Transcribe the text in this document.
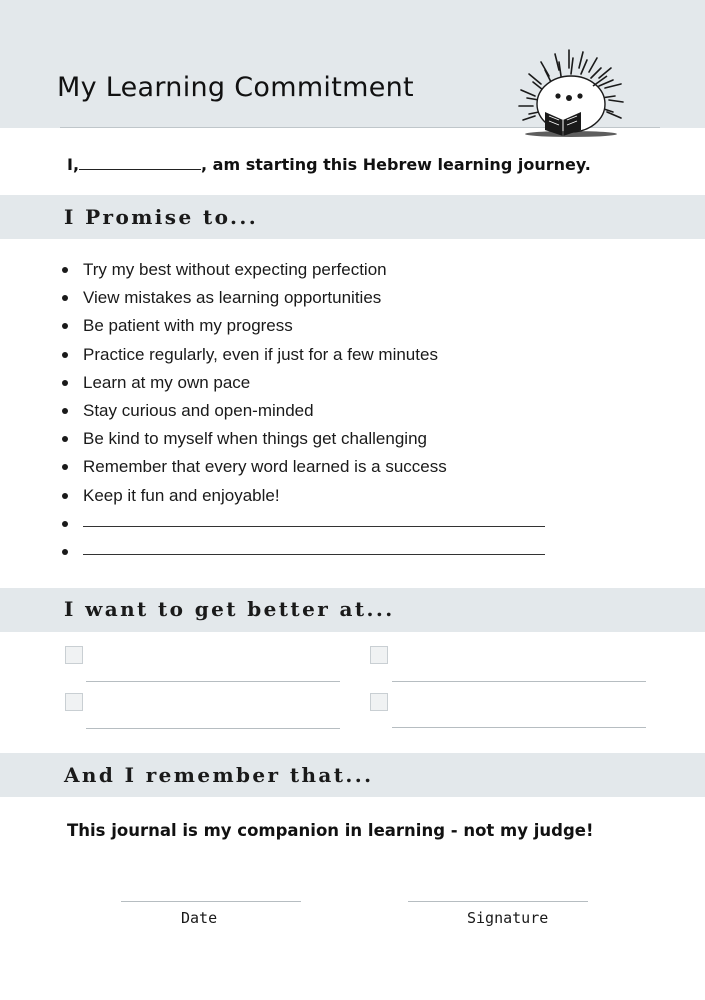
My Learning Commitment
I,	, am starting this Hebrew learning journey.
I Promise to...
Try my best without expecting perfection
View mistakes as learning opportunities
Be patient with my progress
Practice regularly, even if just for a few minutes
Learn at my own pace
Stay curious and open-minded
Be kind to myself when things get challenging
Remember that every word learned is a success
Keep it fun and enjoyable!
I want to get better at...
And I remember that...

This journal is my companion in learning - not my judge!

Date	Signature
